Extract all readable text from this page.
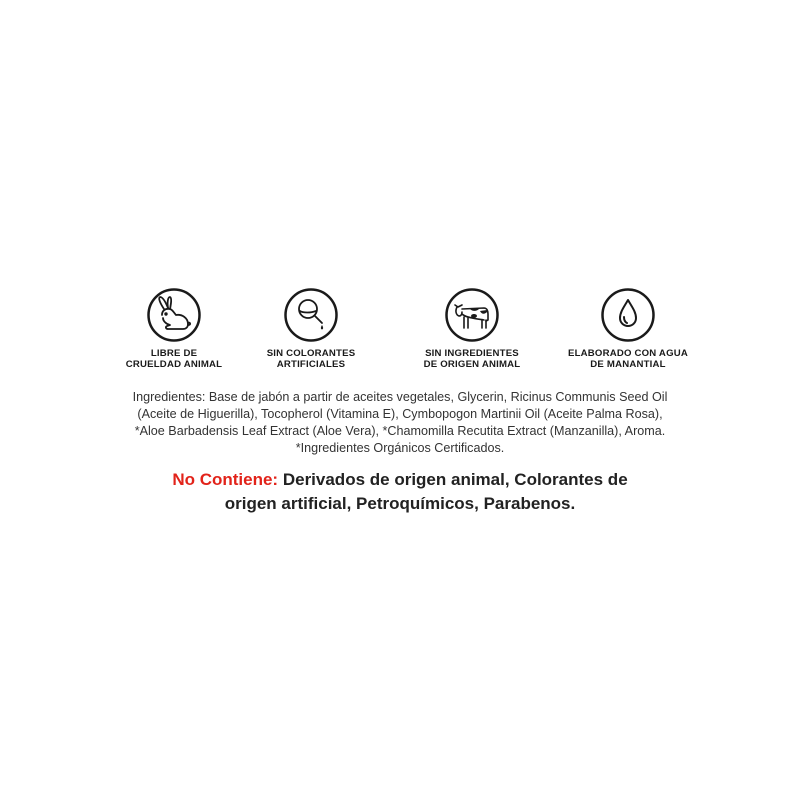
LIBRE DE
CRUELDAD ANIMAL
SIN COLORANTES
ARTIFICIALES
SIN INGREDIENTES
DE ORIGEN ANIMAL
ELABORADO CON AGUA
DE MANANTIAL
Ingredientes: Base de jabón a partir de aceites vegetales, Glycerin, Ricinus Communis Seed Oil
(Aceite de Higuerilla), Tocopherol (Vitamina E), Cymbopogon Martinii Oil (Aceite Palma Rosa),
*Aloe Barbadensis Leaf Extract (Aloe Vera), *Chamomilla Recutita Extract (Manzanilla), Aroma.
*Ingredientes Orgánicos Certificados.
No Contiene: Derivados de origen animal, Colorantes de
origen artificial, Petroquímicos, Parabenos.
